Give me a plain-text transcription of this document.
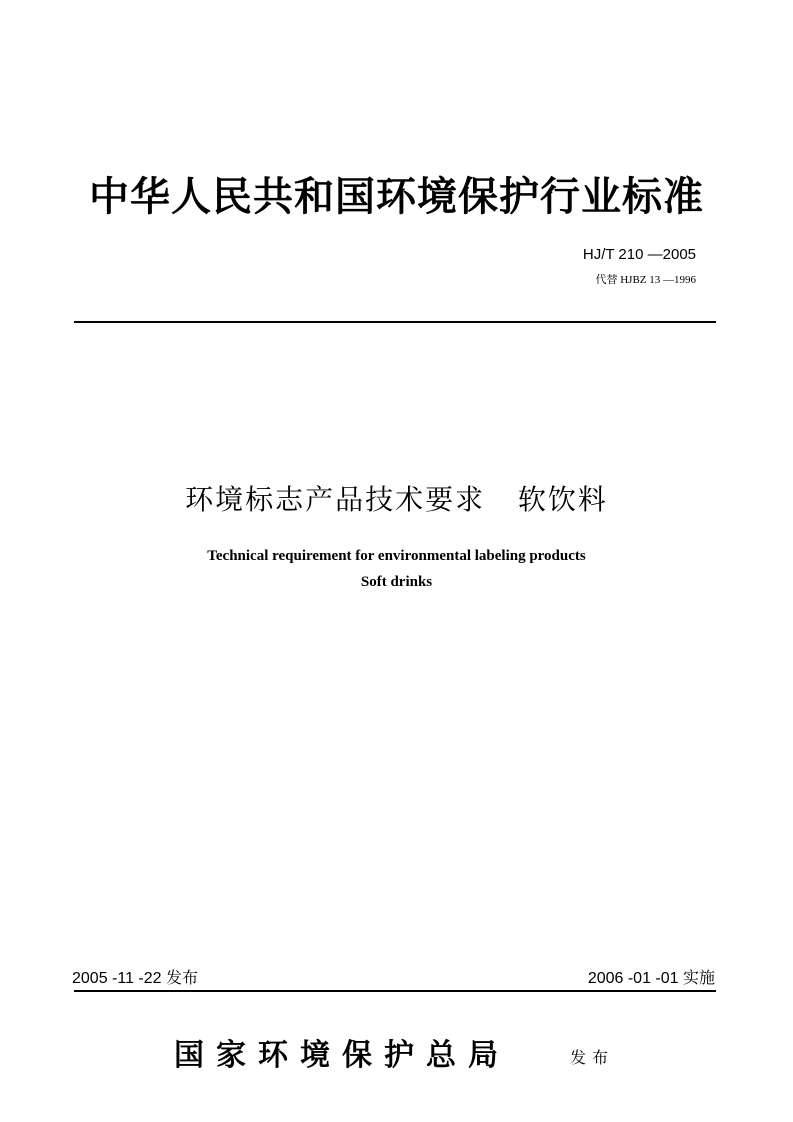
中华人民共和国环境保护行业标准
HJ/T 210 —2005
代替 HJBZ 13 —1996
环境标志产品技术要求   软饮料
Technical requirement for environmental labeling products
Soft drinks
2005 -11 -22 发布	2006 -01 -01 实施
国家环境保护总局	发布
